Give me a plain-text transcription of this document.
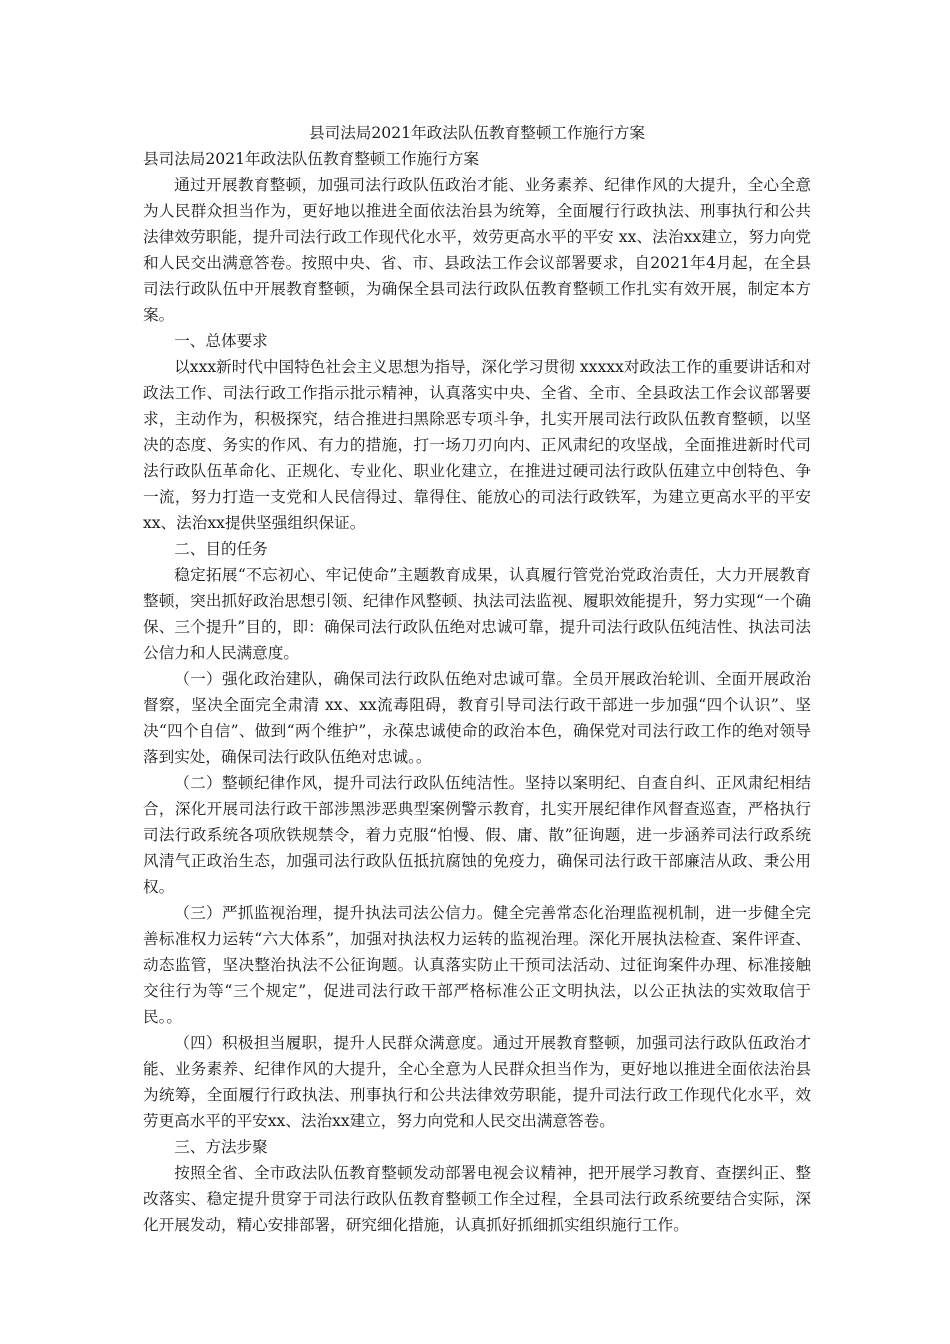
县司法局2021年政法队伍教育整顿工作施行方案

县司法局2021年政法队伍教育整顿工作施行方案

通过开展教育整顿，加强司法行政队伍政治才能、业务素养、纪律作风的大提升，全心全意为人民群众担当作为，更好地以推进全面依法治县为统筹，全面履行行政执法、刑事执行和公共法律效劳职能，提升司法行政工作现代化水平，效劳更高水平的平安 xx、法治xx建立，努力向党和人民交出满意答卷。按照中央、省、市、县政法工作会议部署要求，自2021年4月起，在全县司法行政队伍中开展教育整顿，为确保全县司法行政队伍教育整顿工作扎实有效开展，制定本方案。

一、总体要求

以xxx新时代中国特色社会主义思想为指导，深化学习贯彻 xxxxx对政法工作的重要讲话和对政法工作、司法行政工作指示批示精神，认真落实中央、全省、全市、全县政法工作会议部署要求，主动作为，积极探究，结合推进扫黑除恶专项斗争，扎实开展司法行政队伍教育整顿，以坚决的态度、务实的作风、有力的措施，打一场刀刃向内、正风肃纪的攻坚战，全面推进新时代司法行政队伍革命化、正规化、专业化、职业化建立，在推进过硬司法行政队伍建立中创特色、争一流，努力打造一支党和人民信得过、靠得住、能放心的司法行政铁军，为建立更高水平的平安xx、法治xx提供坚强组织保证。

二、目的任务

稳定拓展“不忘初心、牢记使命”主题教育成果，认真履行管党治党政治责任，大力开展教育整顿，突出抓好政治思想引领、纪律作风整顿、执法司法监视、履职效能提升，努力实现“一个确保、三个提升”目的，即：确保司法行政队伍绝对忠诚可靠，提升司法行政队伍纯洁性、执法司法公信力和人民满意度。

（一）强化政治建队，确保司法行政队伍绝对忠诚可靠。全员开展政治轮训、全面开展政治督察，坚决全面完全肃清 xx、xx流毒阻碍，教育引导司法行政干部进一步加强“四个认识”、坚决“四个自信”、做到“两个维护”，永葆忠诚使命的政治本色，确保党对司法行政工作的绝对领导落到实处，确保司法行政队伍绝对忠诚。。

（二）整顿纪律作风，提升司法行政队伍纯洁性。坚持以案明纪、自查自纠、正风肃纪相结合，深化开展司法行政干部涉黑涉恶典型案例警示教育，扎实开展纪律作风督查巡查，严格执行司法行政系统各项欣铁规禁令，着力克服“怕慢、假、庸、散”征询题，进一步涵养司法行政系统风清气正政治生态，加强司法行政队伍抵抗腐蚀的免疫力，确保司法行政干部廉洁从政、秉公用权。

（三）严抓监视治理，提升执法司法公信力。健全完善常态化治理监视机制，进一步健全完善标准权力运转“六大体系”，加强对执法权力运转的监视治理。深化开展执法检查、案件评查、动态监管，坚决整治执法不公征询题。认真落实防止干预司法活动、过征询案件办理、标准接触交往行为等“三个规定”，促进司法行政干部严格标准公正文明执法，以公正执法的实效取信于民。。

（四）积极担当履职，提升人民群众满意度。通过开展教育整顿，加强司法行政队伍政治才能、业务素养、纪律作风的大提升，全心全意为人民群众担当作为，更好地以推进全面依法治县为统筹，全面履行行政执法、刑事执行和公共法律效劳职能，提升司法行政工作现代化水平，效劳更高水平的平安xx、法治xx建立，努力向党和人民交出满意答卷。

三、方法步聚

按照全省、全市政法队伍教育整顿发动部署电视会议精神，把开展学习教育、查摆纠正、整改落实、稳定提升贯穿于司法行政队伍教育整顿工作全过程，全县司法行政系统要结合实际，深化开展发动，精心安排部署，研究细化措施，认真抓好抓细抓实组织施行工作。
